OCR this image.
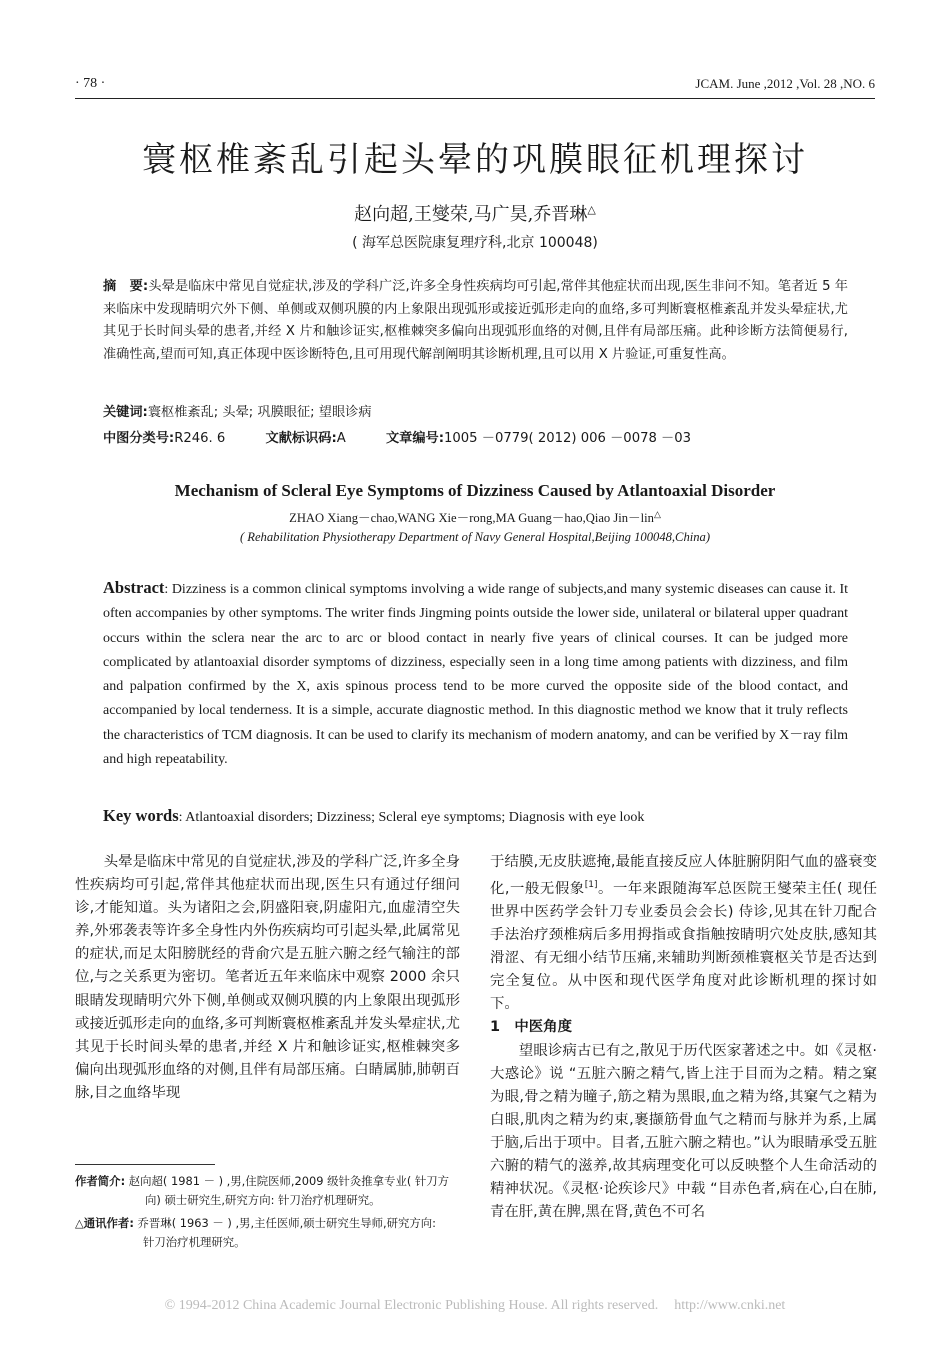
· 78 ·	JCAM. June ,2012 ,Vol. 28 ,NO. 6
寰枢椎紊乱引起头晕的巩膜眼征机理探讨
赵向超,王燮荣,马广昊,乔晋琳△
( 海军总医院康复理疗科,北京 100048)
摘　要:头晕是临床中常见自觉症状,涉及的学科广泛,许多全身性疾病均可引起,常伴其他症状而出现,医生非问不知。笔者近 5 年来临床中发现睛明穴外下侧、单侧或双侧巩膜的内上象限出现弧形或接近弧形走向的血络,多可判断寰枢椎紊乱并发头晕症状,尤其见于长时间头晕的患者,并经 X 片和触诊证实,枢椎棘突多偏向出现弧形血络的对侧,且伴有局部压痛。此种诊断方法简便易行,准确性高,望而可知,真正体现中医诊断特色,且可用现代解剖阐明其诊断机理,且可以用 X 片验证,可重复性高。
关键词:寰枢椎紊乱; 头晕; 巩膜眼征; 望眼诊病
中图分类号:R246. 6	文献标识码:A	文章编号:1005 －0779( 2012) 006 －0078 －03
Mechanism of Scleral Eye Symptoms of Dizziness Caused by Atlantoaxial Disorder
ZHAO Xiang－chao,WANG Xie－rong,MA Guang－hao,Qiao Jin－lin△
( Rehabilitation Physiotherapy Department of Navy General Hospital,Beijing 100048,China)
Abstract: Dizziness is a common clinical symptoms involving a wide range of subjects,and many systemic diseases can cause it. It often accompanies by other symptoms. The writer finds Jingming points outside the lower side, unilateral or bilateral upper quadrant occurs within the sclera near the arc to arc or blood contact in nearly five years of clinical courses. It can be judged more complicated by atlantoaxial disorder symptoms of dizziness, especially seen in a long time among patients with dizziness, and film and palpation confirmed by the X, axis spinous process tend to be more curved the opposite side of the blood contact, and accompanied by local tenderness. It is a simple, accurate diagnostic method. In this diagnostic method we know that it truly reflects the characteristics of TCM diagnosis. It can be used to clarify its mechanism of modern anatomy, and can be verified by X－ray film and high repeatability.
Key words: Atlantoaxial disorders; Dizziness; Scleral eye symptoms; Diagnosis with eye look

头晕是临床中常见的自觉症状,涉及的学科广泛,许多全身性疾病均可引起,常伴其他症状而出现,医生只有通过仔细问诊,才能知道。头为诸阳之会,阴盛阳衰,阴虚阳亢,血虚清空失养,外邪袭表等许多全身性内外伤疾病均可引起头晕,此属常见的症状,而足太阳膀胱经的背俞穴是五脏六腑之经气输注的部位,与之关系更为密切。笔者近五年来临床中观察 2000 余只眼睛发现睛明穴外下侧,单侧或双侧巩膜的内上象限出现弧形或接近弧形走向的血络,多可判断寰枢椎紊乱并发头晕症状,尤其见于长时间头晕的患者,并经 X 片和触诊证实,枢椎棘突多偏向出现弧形血络的对侧,且伴有局部压痛。白睛属肺,肺朝百脉,目之血络毕现

于结膜,无皮肤遮掩,最能直接反应人体脏腑阴阳气血的盛衰变化,一般无假象[1]。一年来跟随海军总医院王燮荣主任( 现任世界中医药学会针刀专业委员会会长) 侍诊,见其在针刀配合手法治疗颈椎病后多用拇指或食指触按睛明穴处皮肤,感知其滑涩、有无细小结节压痛,来辅助判断颈椎寰枢关节是否达到完全复位。从中医和现代医学角度对此诊断机理的探讨如下。

1　中医角度

望眼诊病古已有之,散见于历代医家著述之中。如《灵枢·大惑论》说 “五脏六腑之精气,皆上注于目而为之精。精之窠为眼,骨之精为瞳子,筋之精为黑眼,血之精为络,其窠气之精为白眼,肌肉之精为约束,裹撷筋骨血气之精而与脉并为系,上属于脑,后出于项中。目者,五脏六腑之精也。”认为眼睛承受五脏六腑的精气的滋养,故其病理变化可以反映整个人生命活动的精神状况。《灵枢·论疾诊尺》中载 “目赤色者,病在心,白在肺,青在肝,黄在脾,黑在肾,黄色不可名

作者简介: 赵向超( 1981 － ) ,男,住院医师,2009 级针灸推拿专业( 针刀方
向) 硕士研究生,研究方向: 针刀治疗机理研究。
△通讯作者: 乔晋琳( 1963 － ) ,男,主任医师,硕士研究生导师,研究方向:
针刀治疗机理研究。
© 1994-2012 China Academic Journal Electronic Publishing House. All rights reserved. http://www.cnki.net
